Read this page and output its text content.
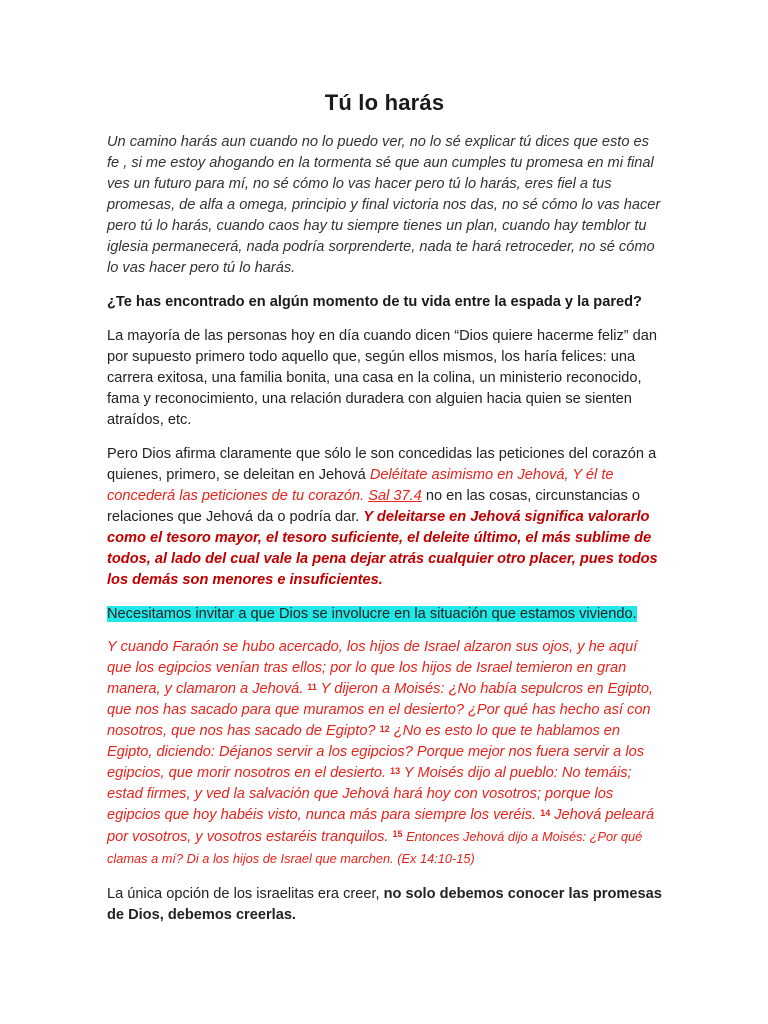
Tú lo harás

Un camino harás aun cuando no lo puedo ver, no lo sé explicar tú dices que esto es fe , si me estoy ahogando en la tormenta sé que aun cumples tu promesa en mi final ves un futuro para mí, no sé cómo lo vas hacer pero tú lo harás, eres fiel a tus promesas, de alfa a omega, principio y final victoria nos das, no sé cómo lo vas hacer pero tú lo harás, cuando caos hay tu siempre tienes un plan, cuando hay temblor tu iglesia permanecerá, nada podría sorprenderte, nada te hará retroceder, no sé cómo lo vas hacer pero tú lo harás.

¿Te has encontrado en algún momento de tu vida entre la espada y la pared?

La mayoría de las personas hoy en día cuando dicen “Dios quiere hacerme feliz” dan por supuesto primero todo aquello que, según ellos mismos, los haría felices: una carrera exitosa, una familia bonita, una casa en la colina, un ministerio reconocido, fama y reconocimiento, una relación duradera con alguien hacia quien se sienten atraídos, etc.

Pero Dios afirma claramente que sólo le son concedidas las peticiones del corazón a quienes, primero, se deleitan en Jehová Deléitate asimismo en Jehová, Y él te concederá las peticiones de tu corazón. Sal 37.4 no en las cosas, circunstancias o relaciones que Jehová da o podría dar. Y deleitarse en Jehová significa valorarlo como el tesoro mayor, el tesoro suficiente, el deleite último, el más sublime de todos, al lado del cual vale la pena dejar atrás cualquier otro placer, pues todos los demás son menores e insuficientes.

Necesitamos invitar a que Dios se involucre en la situación que estamos viviendo.

Y cuando Faraón se hubo acercado, los hijos de Israel alzaron sus ojos, y he aquí que los egipcios venían tras ellos; por lo que los hijos de Israel temieron en gran manera, y clamaron a Jehová. $^{11}$ Y dijeron a Moisés: ¿No había sepulcros en Egipto, que nos has sacado para que muramos en el desierto? ¿Por qué has hecho así con nosotros, que nos has sacado de Egipto? $^{12}$ ¿No es esto lo que te hablamos en Egipto, diciendo: Déjanos servir a los egipcios? Porque mejor nos fuera servir a los egipcios, que morir nosotros en el desierto. $^{13}$ Y Moisés dijo al pueblo: No temáis; estad firmes, y ved la salvación que Jehová hará hoy con vosotros; porque los egipcios que hoy habéis visto, nunca más para siempre los veréis. $^{14}$ Jehová peleará por vosotros, y vosotros estaréis tranquilos. $^{15}$ Entonces Jehová dijo a Moisés: ¿Por qué clamas a mí? Di a los hijos de Israel que marchen. (Ex 14:10-15)

La única opción de los israelitas era creer, no solo debemos conocer las promesas de Dios, debemos creerlas.
